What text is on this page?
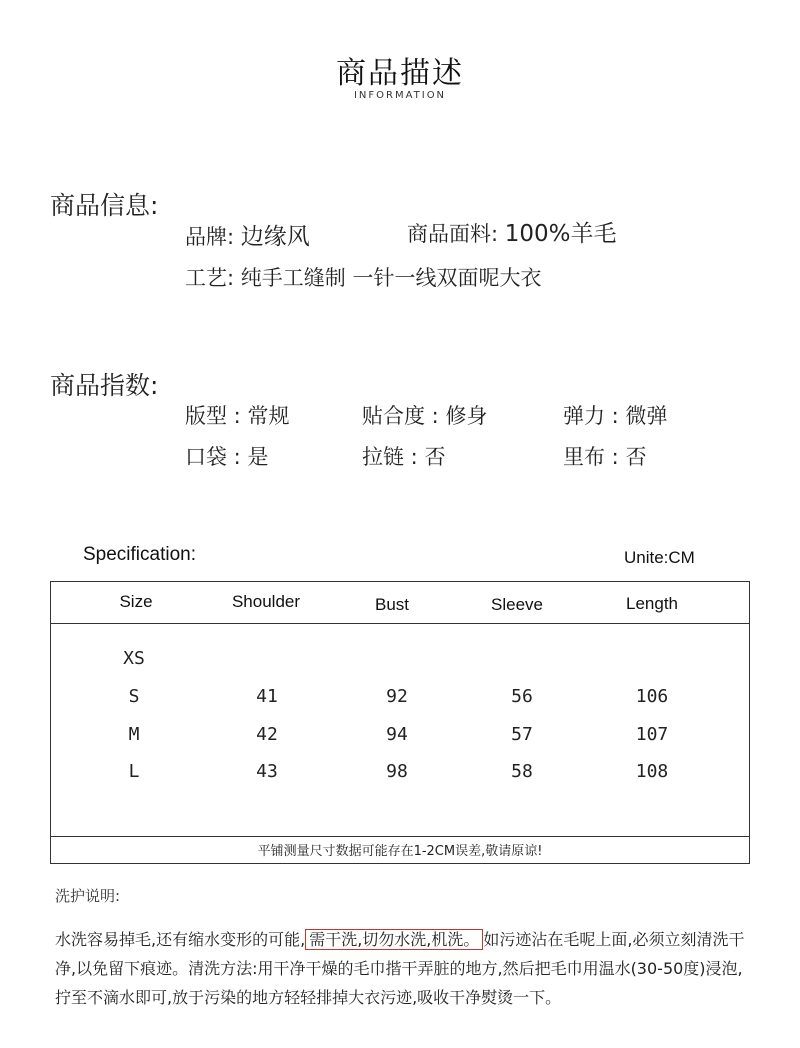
商品描述
INFORMATION
商品信息:
品牌: 边缘风	商品面料: 100%羊毛
工艺: 纯手工缝制 一针一线双面呢大衣
商品指数:
版型 : 常规	贴合度 : 修身	弹力 : 微弹
口袋 : 是	拉链 : 否	里布 : 否
Specification:	Unite:CM
Size	Shoulder	Bust	Sleeve	Length
XS
S	41	92	56	106
M	42	94	57	107
L	43	98	58	108
平铺测量尺寸数据可能存在1-2CM误差,敬请原谅!
洗护说明:
水洗容易掉毛,还有缩水变形的可能, 需干洗,切勿水洗,机洗。 如污迹沾在毛呢上面,必须立刻清洗干净,以免留下痕迹。清洗方法:用干净干燥的毛巾揩干弄脏的地方,然后把毛巾用温水(30-50度)浸泡,拧至不滴水即可,放于污染的地方轻轻排掉大衣污迹,吸收干净熨烫一下。
